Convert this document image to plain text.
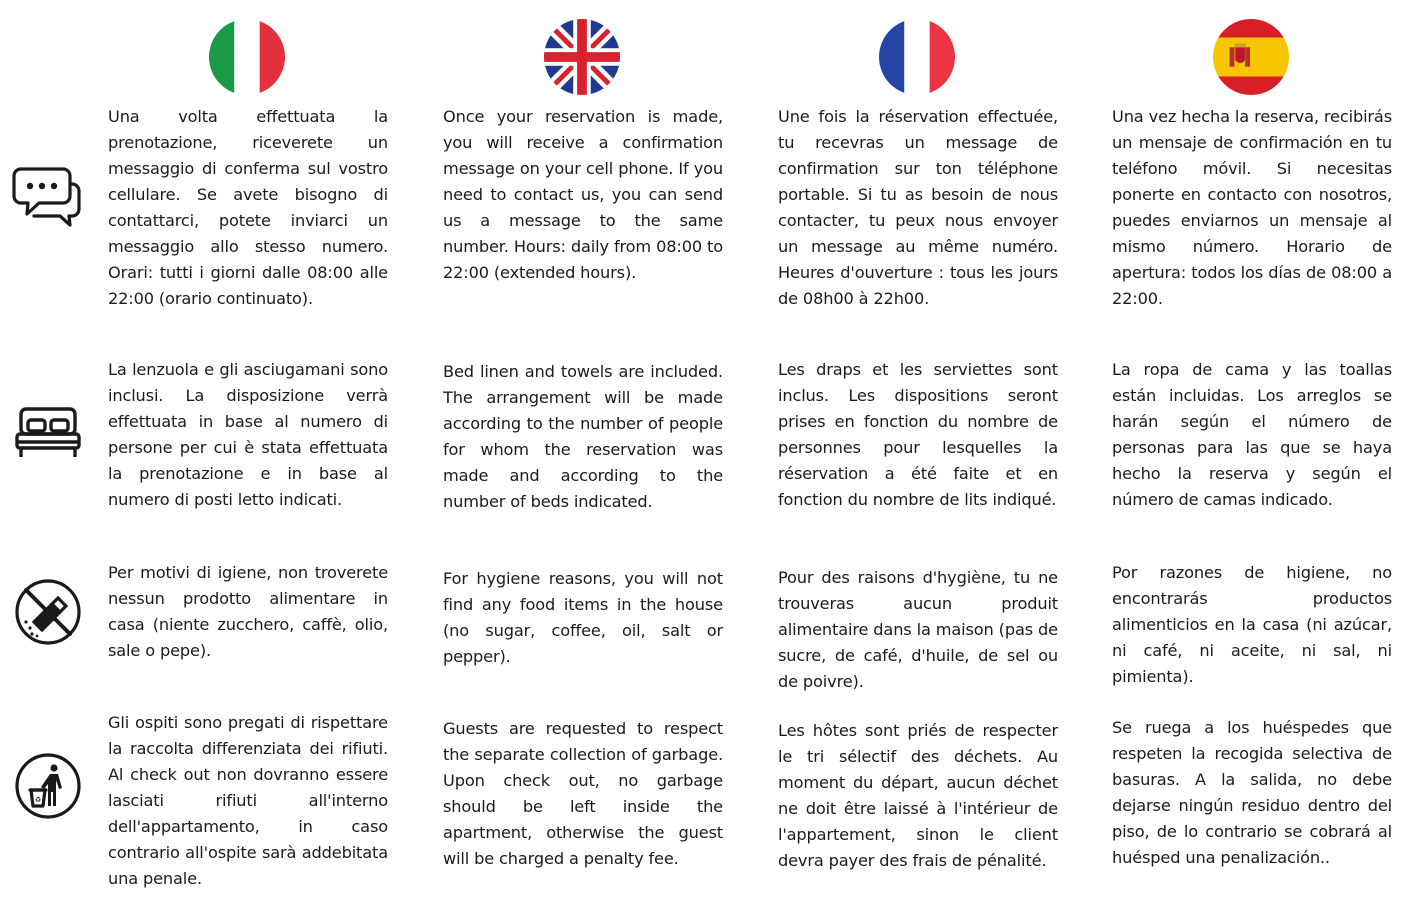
♻

Una volta effettuata la prenotazione, riceverete un messaggio di conferma sul vostro cellulare. Se avete bisogno di contattarci, potete inviarci un messaggio allo stesso numero. Orari: tutti i giorni dalle 08:00 alle 22:00 (orario continuato).

Once your reservation is made, you will receive a confirmation message on your cell phone. If you need to contact us, you can send us a message to the same number. Hours: daily from 08:00 to 22:00 (extended hours).

Une fois la réservation effectuée, tu recevras un message de confirmation sur ton téléphone portable. Si tu as besoin de nous contacter, tu peux nous envoyer un message au même numéro. Heures d'ouverture : tous les jours de 08h00 à 22h00.

Una vez hecha la reserva, recibirás un mensaje de confirmación en tu teléfono móvil. Si necesitas ponerte en contacto con nosotros, puedes enviarnos un mensaje al mismo número. Horario de apertura: todos los días de 08:00 a 22:00.

La lenzuola e gli asciugamani sono inclusi. La disposizione verrà effettuata in base al numero di persone per cui è stata effettuata la prenotazione e in base al numero di posti letto indicati.

Bed linen and towels are included. The arrangement will be made according to the number of people for whom the reservation was made and according to the number of beds indicated.

Les draps et les serviettes sont inclus. Les dispositions seront prises en fonction du nombre de personnes pour lesquelles la réservation a été faite et en fonction du nombre de lits indiqué.

La ropa de cama y las toallas están incluidas. Los arreglos se harán según el número de personas para las que se haya hecho la reserva y según el número de camas indicado.

Per motivi di igiene, non troverete nessun prodotto alimentare in casa (niente zucchero, caffè, olio, sale o pepe).

For hygiene reasons, you will not find any food items in the house (no sugar, coffee, oil, salt or pepper).

Pour des raisons d'hygiène, tu ne trouveras aucun produit alimentaire dans la maison (pas de sucre, de café, d'huile, de sel ou de poivre).

Por razones de higiene, no encontrarás productos alimenticios en la casa (ni azúcar, ni café, ni aceite, ni sal, ni pimienta).

Gli ospiti sono pregati di rispettare la raccolta differenziata dei rifiuti. Al check out non dovranno essere lasciati rifiuti all'interno dell'appartamento, in caso contrario all'ospite sarà addebitata una penale.

Guests are requested to respect the separate collection of garbage. Upon check out, no garbage should be left inside the apartment, otherwise the guest will be charged a penalty fee.

Les hôtes sont priés de respecter le tri sélectif des déchets. Au moment du départ, aucun déchet ne doit être laissé à l'intérieur de l'appartement, sinon le client devra payer des frais de pénalité.

Se ruega a los huéspedes que respeten la recogida selectiva de basuras. A la salida, no debe dejarse ningún residuo dentro del piso, de lo contrario se cobrará al huésped una penalización..
